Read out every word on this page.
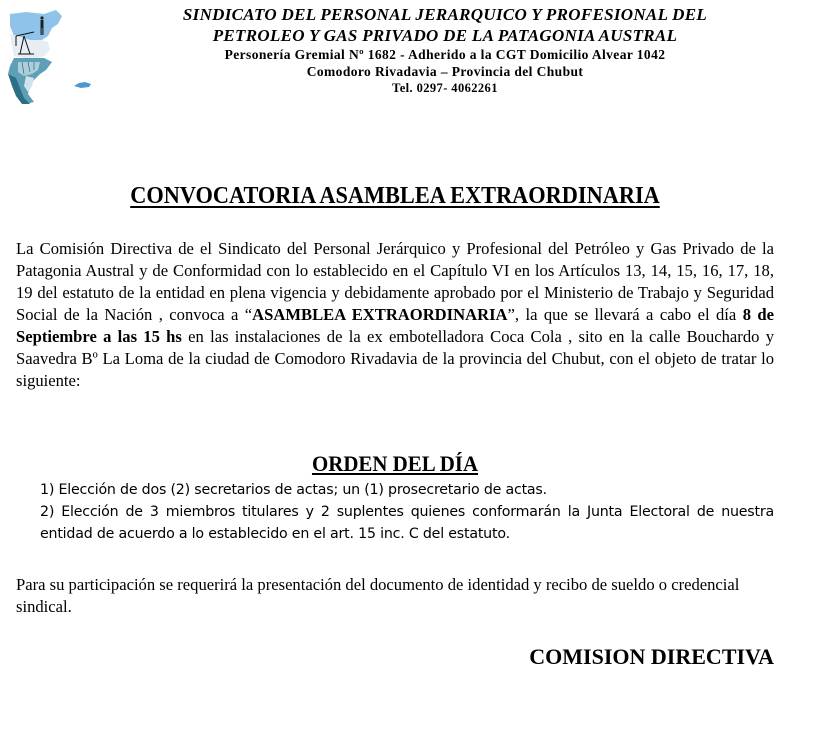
SINDICATO DEL PERSONAL JERARQUICO Y PROFESIONAL DEL

PETROLEO Y GAS PRIVADO DE LA PATAGONIA AUSTRAL

Personería Gremial Nº 1682 - Adherido a la CGT Domicilio Alvear 1042

Comodoro Rivadavia – Provincia del Chubut

Tel. 0297- 4062261

CONVOCATORIA ASAMBLEA EXTRAORDINARIA

La Comisión Directiva de el Sindicato del Personal Jerárquico y Profesional del Petróleo y Gas Privado de la Patagonia Austral y de Conformidad con lo establecido en el Capítulo VI en los Artículos 13, 14, 15, 16, 17, 18, 19 del estatuto de la entidad en plena vigencia y debidamente aprobado por el Ministerio de Trabajo y Seguridad Social de la Nación , convoca a “ASAMBLEA EXTRAORDINARIA”, la que se llevará a cabo el día 8 de Septiembre a las 15 hs en las instalaciones de la ex embotelladora Coca Cola , sito en la calle Bouchardo y Saavedra Bº La Loma de la ciudad de Comodoro Rivadavia de la provincia del Chubut, con el objeto de tratar lo siguiente:

ORDEN DEL DÍA
1) Elección de dos (2) secretarios de actas; un (1) prosecretario de actas.
2) Elección de 3 miembros titulares y 2 suplentes quienes conformarán la Junta Electoral de nuestra entidad de acuerdo a lo establecido en el art. 15 inc. C del estatuto.

Para su participación se requerirá la presentación del documento de identidad y recibo de sueldo o credencial sindical.

COMISION DIRECTIVA
